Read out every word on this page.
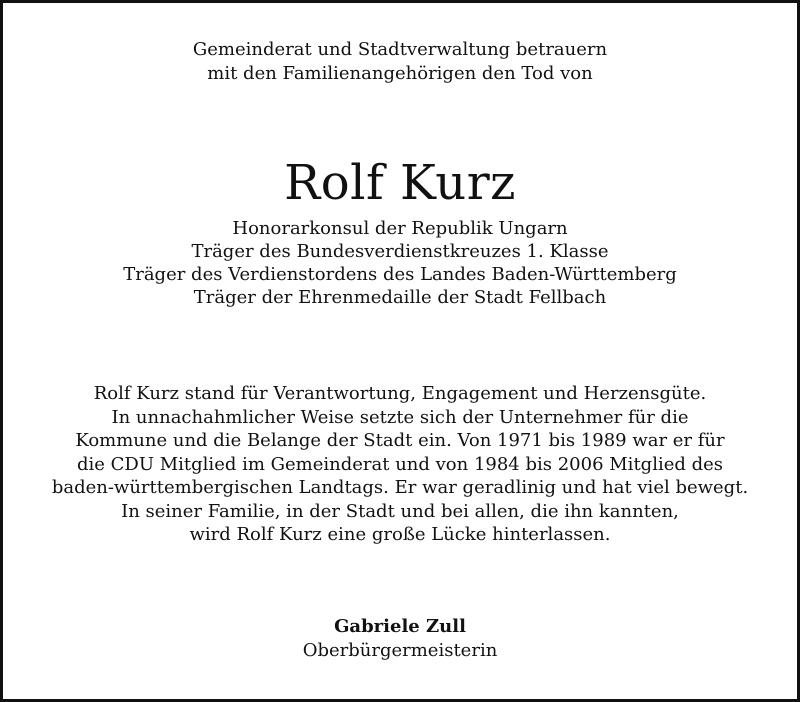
Gemeinderat und Stadtverwaltung betrauern
mit den Familienangehörigen den Tod von
Rolf Kurz
Honorarkonsul der Republik Ungarn
Träger des Bundesverdienstkreuzes 1. Klasse
Träger des Verdienstordens des Landes Baden-Württemberg
Träger der Ehrenmedaille der Stadt Fellbach
Rolf Kurz stand für Verantwortung, Engagement und Herzensgüte.
In unnachahmlicher Weise setzte sich der Unternehmer für die
Kommune und die Belange der Stadt ein. Von 1971 bis 1989 war er für
die CDU Mitglied im Gemeinderat und von 1984 bis 2006 Mitglied des
baden-württembergischen Landtags. Er war geradlinig und hat viel bewegt.
In seiner Familie, in der Stadt und bei allen, die ihn kannten,
wird Rolf Kurz eine große Lücke hinterlassen.
Gabriele Zull
Oberbürgermeisterin
